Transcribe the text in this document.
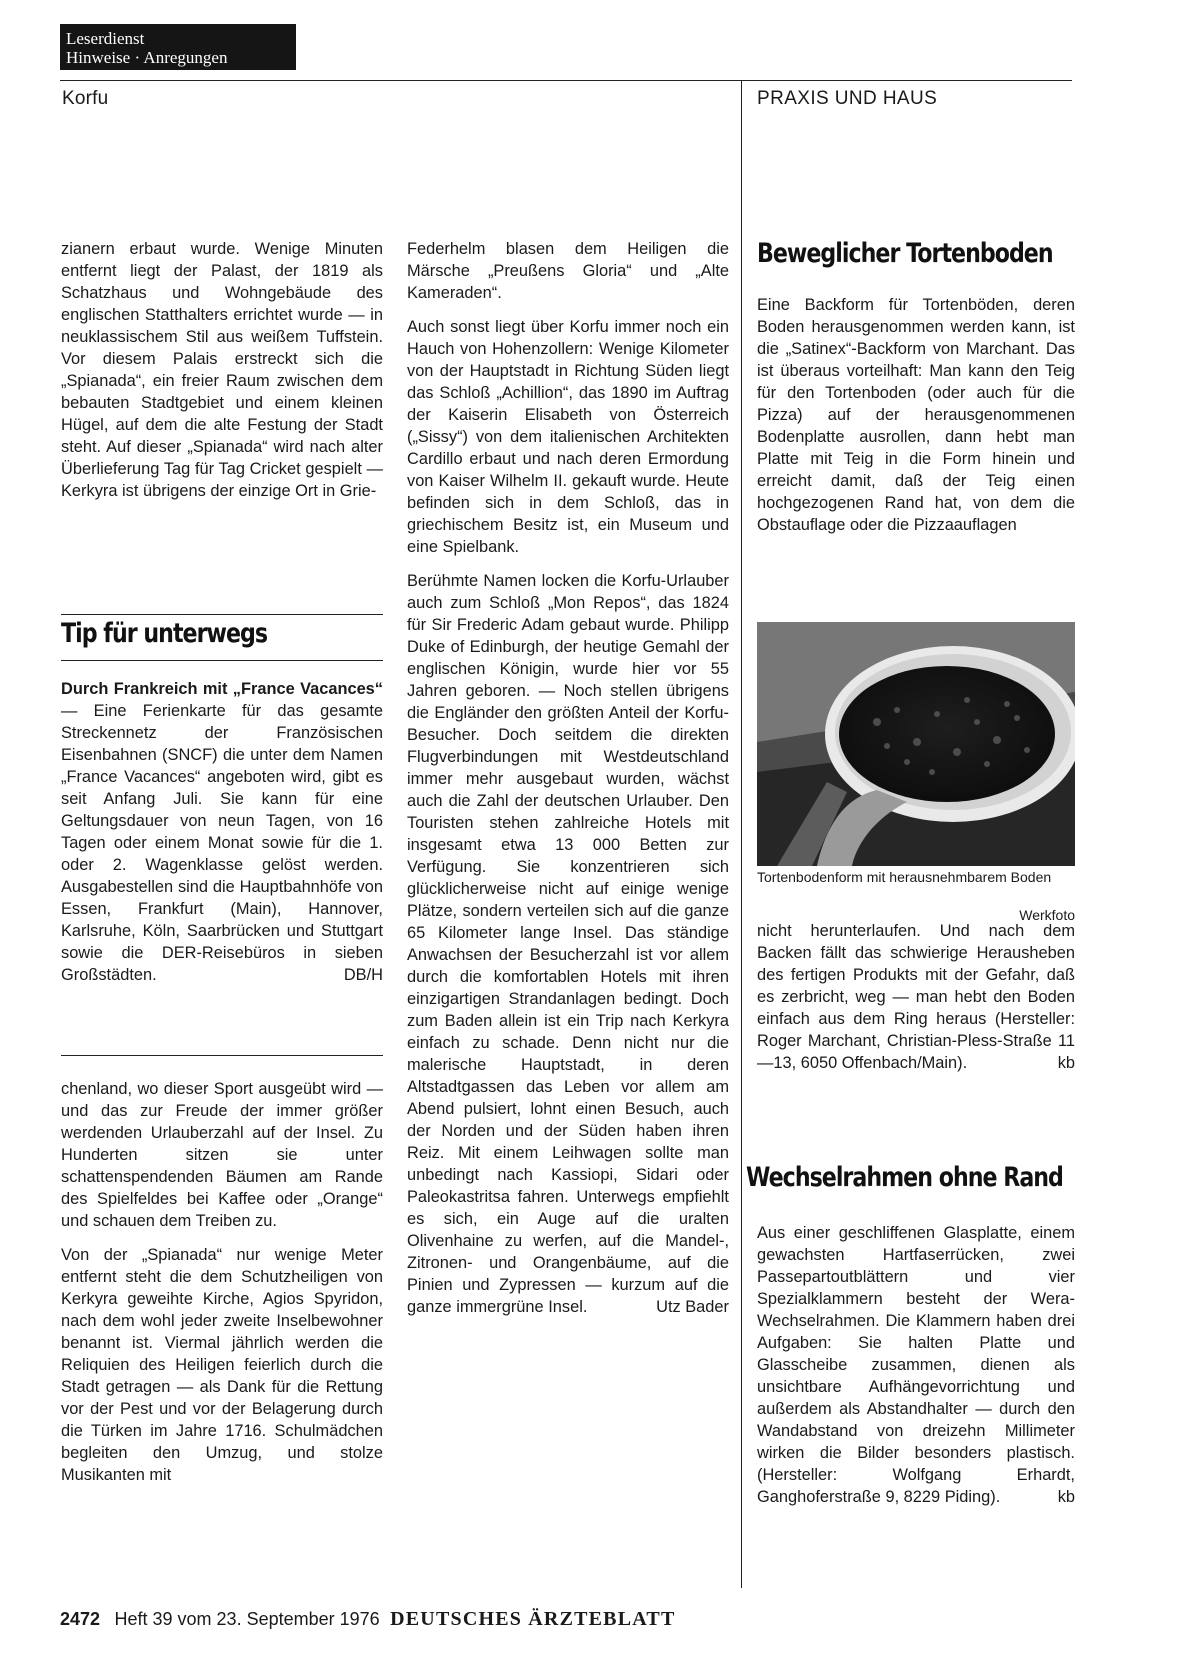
Leserdienst
Hinweise · Anregungen
Korfu	PRAXIS UND HAUS

zianern erbaut wurde. Wenige Minuten entfernt liegt der Palast, der 1819 als Schatzhaus und Wohngebäude des englischen Statthalters errichtet wurde — in neuklassischem Stil aus weißem Tuffstein. Vor diesem Palais erstreckt sich die „Spianada“, ein freier Raum zwischen dem bebauten Stadtgebiet und einem kleinen Hügel, auf dem die alte Festung der Stadt steht. Auf dieser „Spianada“ wird nach alter Überlieferung Tag für Tag Cricket gespielt — Kerkyra ist übrigens der einzige Ort in Grie-

Tip für unterwegs

Durch Frankreich mit „France Vacances“ — Eine Ferienkarte für das gesamte Streckennetz der Französischen Eisenbahnen (SNCF) die unter dem Namen „France Vacances“ angeboten wird, gibt es seit Anfang Juli. Sie kann für eine Geltungsdauer von neun Tagen, von 16 Tagen oder einem Monat sowie für die 1. oder 2. Wagenklasse gelöst werden. Ausgabestellen sind die Hauptbahnhöfe von Essen, Frankfurt (Main), Hannover, Karlsruhe, Köln, Saarbrücken und Stuttgart sowie die DER-Reisebüros in sieben Großstädten.	DB/H

chenland, wo dieser Sport ausgeübt wird — und das zur Freude der immer größer werdenden Urlauberzahl auf der Insel. Zu Hunderten sitzen sie unter schattenspendenden Bäumen am Rande des Spielfeldes bei Kaffee oder „Orange“ und schauen dem Treiben zu.

Von der „Spianada“ nur wenige Meter entfernt steht die dem Schutzheiligen von Kerkyra geweihte Kirche, Agios Spyridon, nach dem wohl jeder zweite Inselbewohner benannt ist. Viermal jährlich werden die Reliquien des Heiligen feierlich durch die Stadt getragen — als Dank für die Rettung vor der Pest und vor der Belagerung durch die Türken im Jahre 1716. Schulmädchen begleiten den Umzug, und stolze Musikanten mit

Federhelm blasen dem Heiligen die Märsche „Preußens Gloria“ und „Alte Kameraden“.

Auch sonst liegt über Korfu immer noch ein Hauch von Hohenzollern: Wenige Kilometer von der Hauptstadt in Richtung Süden liegt das Schloß „Achillion“, das 1890 im Auftrag der Kaiserin Elisabeth von Österreich („Sissy“) von dem italienischen Architekten Cardillo erbaut und nach deren Ermordung von Kaiser Wilhelm II. gekauft wurde. Heute befinden sich in dem Schloß, das in griechischem Besitz ist, ein Museum und eine Spielbank.

Berühmte Namen locken die Korfu-Urlauber auch zum Schloß „Mon Repos“, das 1824 für Sir Frederic Adam gebaut wurde. Philipp Duke of Edinburgh, der heutige Gemahl der englischen Königin, wurde hier vor 55 Jahren geboren. — Noch stellen übrigens die Engländer den größten Anteil der Korfu-Besucher. Doch seitdem die direkten Flugverbindungen mit Westdeutschland immer mehr ausgebaut wurden, wächst auch die Zahl der deutschen Urlauber. Den Touristen stehen zahlreiche Hotels mit insgesamt etwa 13 000 Betten zur Verfügung. Sie konzentrieren sich glücklicherweise nicht auf einige wenige Plätze, sondern verteilen sich auf die ganze 65 Kilometer lange Insel. Das ständige Anwachsen der Besucherzahl ist vor allem durch die komfortablen Hotels mit ihren einzigartigen Strandanlagen bedingt. Doch zum Baden allein ist ein Trip nach Kerkyra einfach zu schade. Denn nicht nur die malerische Hauptstadt, in deren Altstadtgassen das Leben vor allem am Abend pulsiert, lohnt einen Besuch, auch der Norden und der Süden haben ihren Reiz. Mit einem Leihwagen sollte man unbedingt nach Kassiopi, Sidari oder Paleokastritsa fahren. Unterwegs empfiehlt es sich, ein Auge auf die uralten Olivenhaine zu werfen, auf die Mandel-, Zitronen- und Orangenbäume, auf die Pinien und Zypressen — kurzum auf die ganze immergrüne Insel.	Utz Bader
Beweglicher Tortenboden

Eine Backform für Tortenböden, deren Boden herausgenommen werden kann, ist die „Satinex“-Backform von Marchant. Das ist überaus vorteilhaft: Man kann den Teig für den Tortenboden (oder auch für die Pizza) auf der herausgenommenen Bodenplatte ausrollen, dann hebt man Platte mit Teig in die Form hinein und erreicht damit, daß der Teig einen hochgezogenen Rand hat, von dem die Obstauflage oder die Pizzaauflagen

Tortenbodenform mit herausnehmbarem Boden
Werkfoto

nicht herunterlaufen. Und nach dem Backen fällt das schwierige Herausheben des fertigen Produkts mit der Gefahr, daß es zerbricht, weg — man hebt den Boden einfach aus dem Ring heraus (Hersteller: Roger Marchant, Christian-Pless-Straße 11—13, 6050 Offenbach/Main).	kb
Wechselrahmen ohne Rand

Aus einer geschliffenen Glasplatte, einem gewachsten Hartfaserrücken, zwei Passepartoutblättern und vier Spezialklammern besteht der Wera-Wechselrahmen. Die Klammern haben drei Aufgaben: Sie halten Platte und Glasscheibe zusammen, dienen als unsichtbare Aufhängevorrichtung und außerdem als Abstandhalter — durch den Wandabstand von dreizehn Millimeter wirken die Bilder besonders plastisch. (Hersteller: Wolfgang Erhardt, Ganghoferstraße 9, 8229 Piding).	kb
2472 Heft 39 vom 23. September 1976 DEUTSCHES ÄRZTEBLATT
